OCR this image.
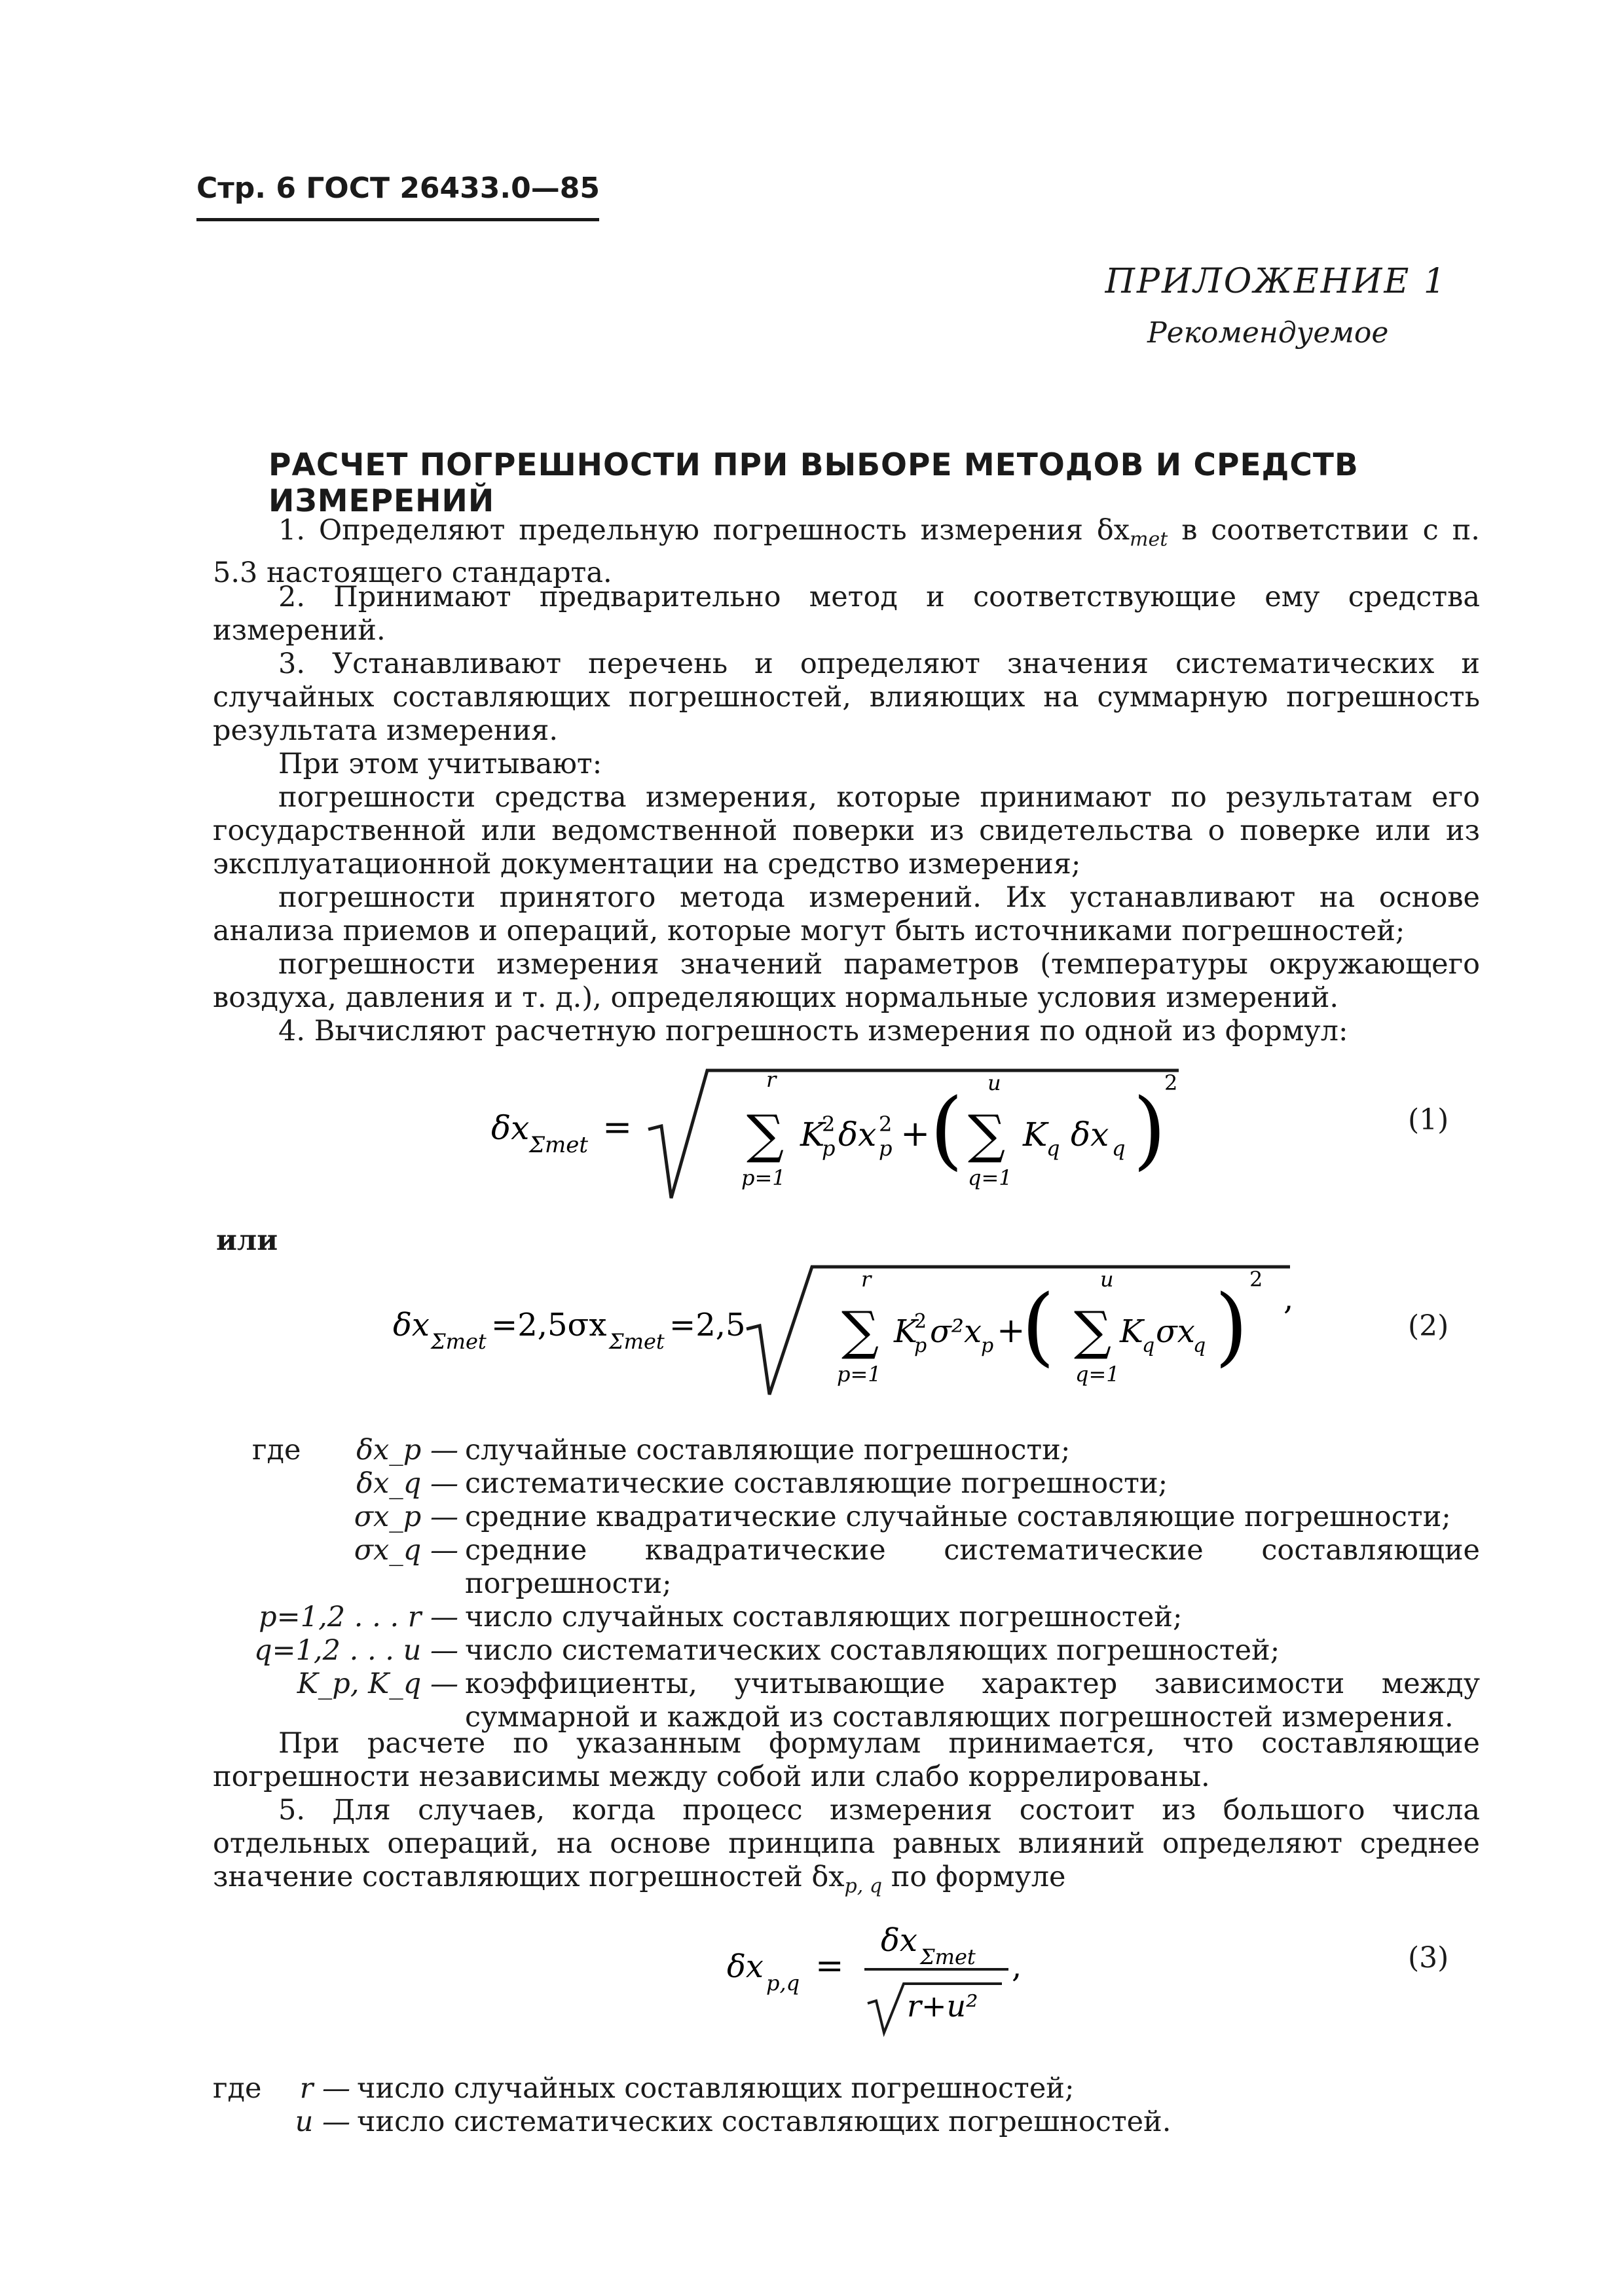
Стр. 6 ГОСТ 26433.0—85
ПРИЛОЖЕНИЕ 1
Рекомендуемое
РАСЧЕТ ПОГРЕШНОСТИ ПРИ ВЫБОРЕ МЕТОДОВ И СРЕДСТВ ИЗМЕРЕНИЙ
1. Определяют предельную погрешность измерения $\delta x_{met}$ в соответствии с п. 5.3 настоящего стандарта.
2. Принимают предварительно метод и соответствующие ему средства измерений.
3. Устанавливают перечень и определяют значения систематических и случайных составляющих погрешностей, влияющих на суммарную погрешность результата измерения.
При этом учитывают:
погрешности средства измерения, которые принимают по результатам его государственной или ведомственной поверки из свидетельства о поверке или из эксплуатационной документации на средство измерения;
погрешности принятого метода измерений. Их устанавливают на основе анализа приемов и операций, которые могут быть источниками погрешностей;
погрешности измерения значений параметров (температуры окружающего воздуха, давления и т. д.), определяющих нормальные условия измерений.
4. Вычисляют расчетную погрешность измерения по одной из формул:
δx Σmet =
r
∑
p=1
K
2
p δx 2
p + ( u
∑
q=1
K
q δx q )
2
(1)
или
δx Σmet =2,5σx Σmet =2,5
r
∑
p=1
K
2
p σ²x
p +
( u
∑
q=1
K
q σx
q ) 2
,
(2)
где	δx_p — случайные составляющие погрешности;
δx_q — систематические составляющие погрешности;
σx_p — средние квадратические случайные составляющие погрешности;
σx_q — средние квадратические систематические составляющие погрешности;
p=1,2 . . . r — число случайных составляющих погрешностей;
q=1,2 . . . u — число систематических составляющих погрешностей;
K_p, K_q — коэффициенты, учитывающие характер зависимости между суммарной и каждой из составляющих погрешностей измерения.
При расчете по указанным формулам принимается, что составляющие погрешности независимы между собой или слабо коррелированы.
5. Для случаев, когда процесс измерения состоит из большого числа отдельных операций, на основе принципа равных влияний определяют среднее значение составляющих погрешностей $\delta x_{p, q}$ по формуле
δx p,q =
δx Σmet
r+u²
,	(3)
где	r — число случайных составляющих погрешностей;
u — число систематических составляющих погрешностей.
